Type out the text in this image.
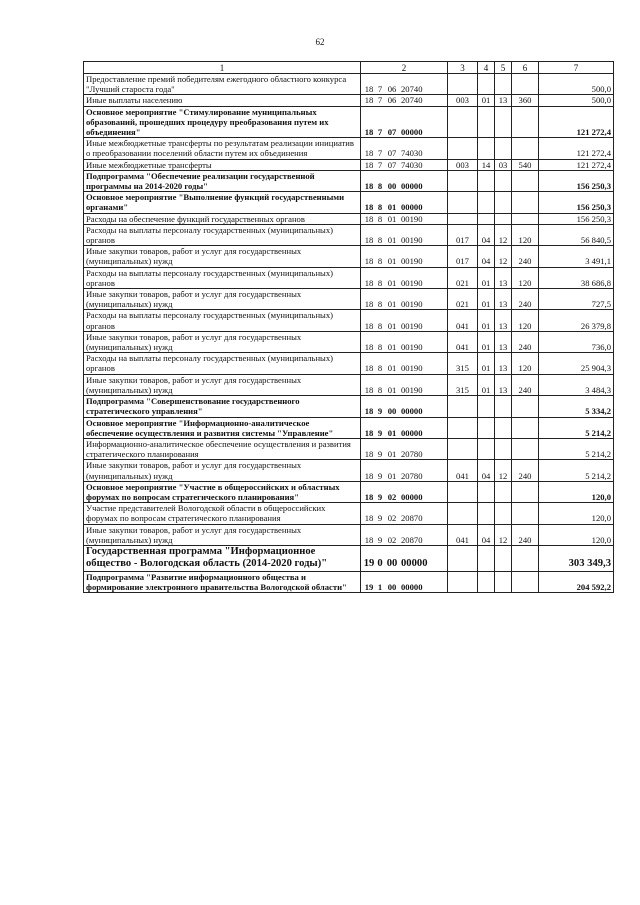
62
1	2	3	4	5	6	7
Предоставление премий победителям ежегодного областного конкурса "Лучший староста года"	18 7 06 20740					500,0
Иные выплаты населению	18 7 06 20740	003	01	13	360	500,0
Основное мероприятие "Стимулирование муниципальных образований, прошедших процедуру преобразования путем их объединения"	18 7 07 00000					121 272,4
Иные межбюджетные трансферты по результатам реализации инициатив о преобразовании поселений области путем их объединения	18 7 07 74030					121 272,4
Иные межбюджетные трансферты	18 7 07 74030	003	14	03	540	121 272,4
Подпрограмма "Обеспечение реализации государственной программы на 2014-2020 годы"	18 8 00 00000					156 250,3
Основное мероприятие "Выполнение функций государственными органами"	18 8 01 00000					156 250,3
Расходы на обеспечение функций государственных органов	18 8 01 00190					156 250,3
Расходы на выплаты персоналу государственных (муниципальных) органов	18 8 01 00190	017	04	12	120	56 840,5
Иные закупки товаров, работ и услуг для государственных (муниципальных) нужд	18 8 01 00190	017	04	12	240	3 491,1
Расходы на выплаты персоналу государственных (муниципальных) органов	18 8 01 00190	021	01	13	120	38 686,8
Иные закупки товаров, работ и услуг для государственных (муниципальных) нужд	18 8 01 00190	021	01	13	240	727,5
Расходы на выплаты персоналу государственных (муниципальных) органов	18 8 01 00190	041	01	13	120	26 379,8
Иные закупки товаров, работ и услуг для государственных (муниципальных) нужд	18 8 01 00190	041	01	13	240	736,0
Расходы на выплаты персоналу государственных (муниципальных) органов	18 8 01 00190	315	01	13	120	25 904,3
Иные закупки товаров, работ и услуг для государственных (муниципальных) нужд	18 8 01 00190	315	01	13	240	3 484,3
Подпрограмма "Совершенствование государственного стратегического управления"	18 9 00 00000					5 334,2
Основное мероприятие "Информационно-аналитическое обеспечение осуществления и развития системы "Управление"	18 9 01 00000					5 214,2
Информационно-аналитическое обеспечение осуществления и развития стратегического планирования	18 9 01 20780					5 214,2
Иные закупки товаров, работ и услуг для государственных (муниципальных) нужд	18 9 01 20780	041	04	12	240	5 214,2
Основное мероприятие "Участие в общероссийских и областных форумах по вопросам стратегического планирования"	18 9 02 00000					120,0
Участие представителей Вологодской области в общероссийских форумах по вопросам стратегического планирования	18 9 02 20870					120,0
Иные закупки товаров, работ и услуг для государственных (муниципальных) нужд	18 9 02 20870	041	04	12	240	120,0
Государственная программа "Информационное общество - Вологодская область (2014-2020 годы)"	19 0 00 00000					303 349,3
Подпрограмма "Развитие информационного общества и формирование электронного правительства Вологодской области"	19 1 00 00000					204 592,2
